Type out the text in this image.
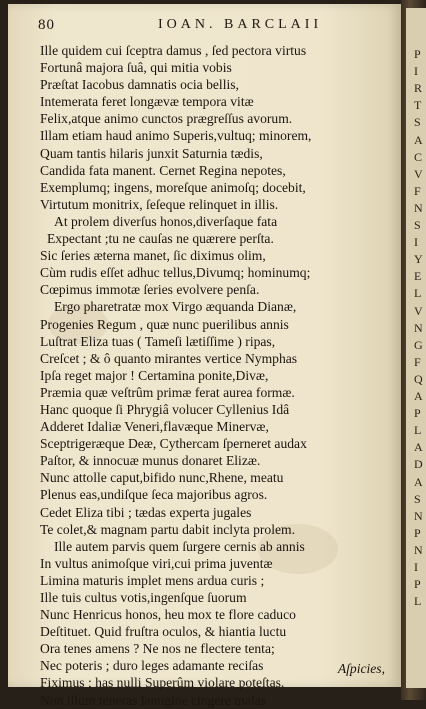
P
I
R
T
S
A
C
V
F
N
S
I
Y
E
L
V
N
G
F
Q
A
P
L
A
D
A
S
N
P
N
I
P
L
80	IOAN. BARCLAII
Ille quidem cui ſceptra damus , ſed pectora virtus
Fortunâ majora ſuâ, qui mitia vobis
Præſtat Iacobus damnatis ocia bellis,
Intemerata feret longævæ tempora vitæ
Felix,atque animo cunctos prægreſſus avorum.
Illam etiam haud animo Superis,vultuq; minorem,
Quam tantis hilaris junxit Saturnia tædis,
Candida fata manent. Cernet Regina nepotes,
Exemplumq; ingens, moreſque animoſq; docebit,
Virtutum monitrix, ſeſeque relinquet in illis.
At prolem diverſus honos,diverſaque fata
Expectant ;tu ne cauſas ne quærere perſta.
Sic ſeries æterna manet, ſic diximus olim,
Cùm rudis eſſet adhuc tellus,Divumq; hominumq;
Cœpimus immotæ ſeries evolvere penſa.
Ergo pharetratæ mox Virgo æquanda Dianæ,
Progenies Regum , quæ nunc puerilibus annis
Luſtrat Eliza tuas ( Tameſi lætiſſime ) ripas,
Creſcet ; & ô quanto mirantes vertice Nymphas
Ipſa reget major ! Certamina ponite,Divæ,
Præmia quæ veſtrûm primæ ferat aurea formæ.
Hanc quoque ſi Phrygiâ volucer Cyllenius Idâ
Adderet Idaliæ Veneri,flavæque Minervæ,
Sceptrigeræque Deæ, Cythercam ſperneret audax
Paſtor, & innocuæ munus donaret Elizæ.
Nunc attolle caput,bifido nunc,Rhene, meatu
Plenus eas,undiſque ſeca majoribus agros.
Cedet Eliza tibi ; tædas experta jugales
Te colet,& magnam partu dabit inclyta prolem.
Ille autem parvis quem ſurgere cernis ab annis
In vultus animoſque viri,cui prima juventæ
Limina maturis implet mens ardua curis ;
Ille tuis cultus votis,ingenſque ſuorum
Nunc Henricus honos, heu mox te flore caduco
Deſtituet. Quid fruſtra oculos, & hiantia luctu
Ora tenes amens ? Ne nos ne flectere tenta;
Nec poteris ; duro leges adamante reciſas
Fiximus ; has nulli Superûm violare poteſtas.
Non illum teneras lanugine cingere malas
Aſpicies,
